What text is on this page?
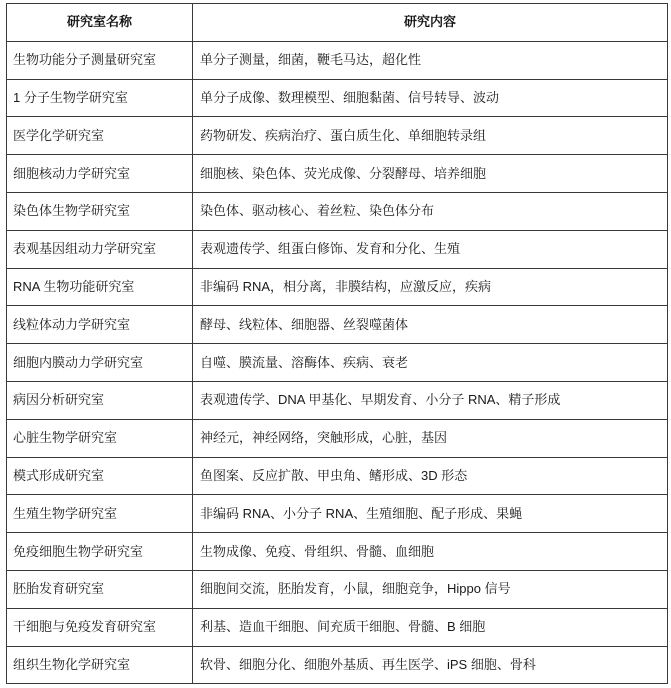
研究室名称	研究内容
生物功能分子测量研究室	单分子测量，细菌，鞭毛马达，超化性
1 分子生物学研究室	单分子成像、数理模型、细胞黏菌、信号转导、波动
医学化学研究室	药物研发、疾病治疗、蛋白质生化、单细胞转录组
细胞核动力学研究室	细胞核、染色体、荧光成像、分裂酵母、培养细胞
染色体生物学研究室	染色体、驱动核心、着丝粒、染色体分布
表观基因组动力学研究室	表观遗传学、组蛋白修饰、发育和分化、生殖
RNA 生物功能研究室	非编码 RNA，相分离，非膜结构，应激反应，疾病
线粒体动力学研究室	酵母、线粒体、细胞器、丝裂噬菌体
细胞内膜动力学研究室	自噬、膜流量、溶酶体、疾病、衰老
病因分析研究室	表观遗传学、DNA 甲基化、早期发育、小分子 RNA、精子形成
心脏生物学研究室	神经元，神经网络，突触形成，心脏，基因
模式形成研究室	鱼图案、反应扩散、甲虫角、鳍形成、3D 形态
生殖生物学研究室	非编码 RNA、小分子 RNA、生殖细胞、配子形成、果蝇
免疫细胞生物学研究室	生物成像、免疫、骨组织、骨髓、血细胞
胚胎发育研究室	细胞间交流，胚胎发育，小鼠，细胞竞争，Hippo 信号
干细胞与免疫发育研究室	利基、造血干细胞、间充质干细胞、骨髓、B 细胞
组织生物化学研究室	软骨、细胞分化、细胞外基质、再生医学、iPS 细胞、骨科
